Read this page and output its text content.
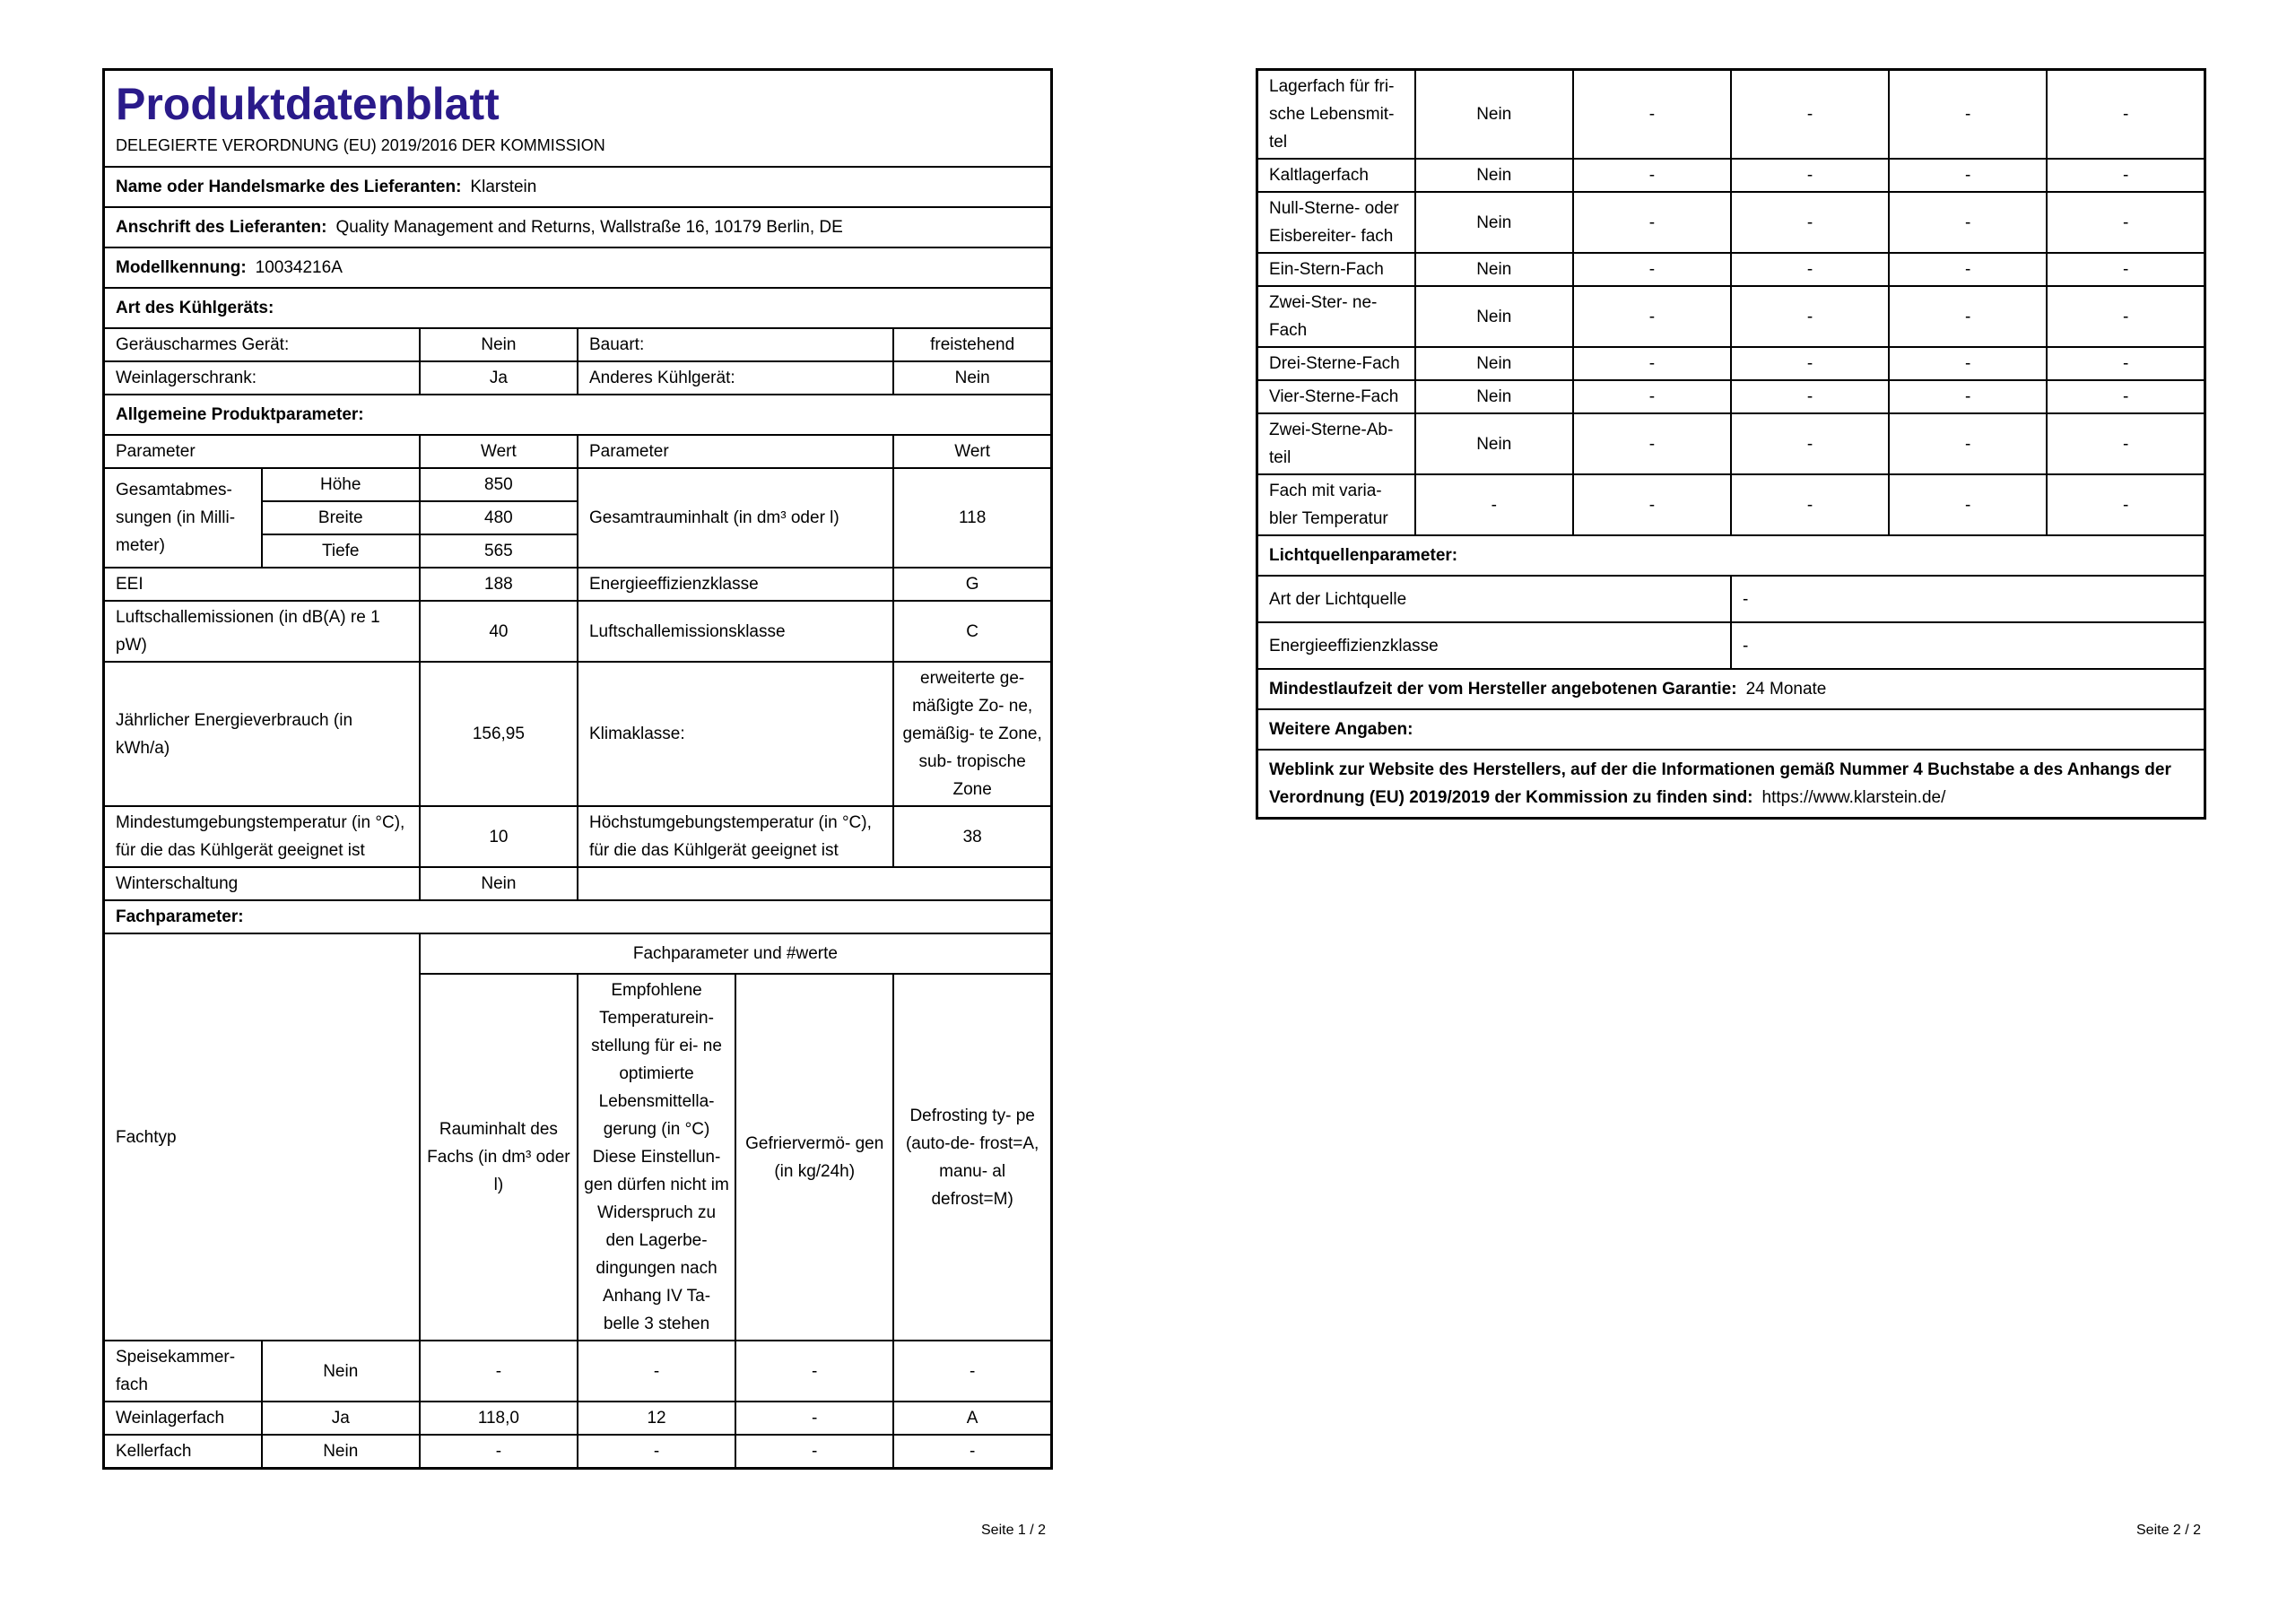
Produktdatenblatt
DELEGIERTE VERORDNUNG (EU) 2019/2016 DER KOMMISSION					

Name oder Handelsmarke des Lieferanten: Klarstein					
Anschrift des Lieferanten: Quality Management and Returns, Wallstraße 16, 10179 Berlin, DE					
Modellkennung: 10034216A					
Art des Kühlgeräts:					
Geräuscharmes Gerät:		Nein	Bauart:		freistehend
Weinlagerschrank:		Ja	Anderes Kühlgerät:		Nein
Allgemeine Produktparameter:					
Parameter		Wert	Parameter		Wert
Gesamtabmes- sungen (in Milli- meter)	Höhe	850	Gesamtrauminhalt (in dm³ oder l)		118
	Breite	480			
	Tiefe	565			
EEI		188	Energieeffizienzklasse		G
Luftschallemissionen (in dB(A) re 1 pW)		40	Luftschallemissionsklasse		C
Jährlicher Energieverbrauch (in kWh/a)		156,95	Klimaklasse:		erweiterte ge- mäßigte Zo- ne, gemäßig- te Zone, sub- tropische Zone
Mindestumgebungstemperatur (in °C), für die das Kühlgerät geeignet ist		10	Höchstumgebungstemperatur (in °C), für die das Kühlgerät geeignet ist		38
Winterschaltung		Nein			
Fachparameter:					
Fachtyp		Fachparameter und #werte			
		Rauminhalt des Fachs (in dm³ oder l)	Empfohlene Temperaturein- stellung für ei- ne optimierte Lebensmittella- gerung (in °C) Diese Einstellun- gen dürfen nicht im Widerspruch zu den Lagerbe- dingungen nach Anhang IV Ta- belle 3 stehen	Gefriervermö- gen (in kg/24h)	Defrosting ty- pe (auto-de- frost=A, manu- al defrost=M)
Speisekammer- fach	Nein	-	-	-	-
Weinlagerfach	Ja	118,0	12	-	A
Kellerfach	Nein	-	-	-	-
Seite 1 / 2
Lagerfach für fri- sche Lebensmit- tel	Nein	-	-	-	-
Kaltlagerfach	Nein	-	-	-	-
Null-Sterne- oder Eisbereiter- fach	Nein	-	-	-	-
Ein-Stern-Fach	Nein	-	-	-	-
Zwei-Ster- ne-Fach	Nein	-	-	-	-
Drei-Sterne-Fach	Nein	-	-	-	-
Vier-Sterne-Fach	Nein	-	-	-	-
Zwei-Sterne-Ab- teil	Nein	-	-	-	-
Fach mit varia- bler Temperatur	-	-	-	-	-
Lichtquellenparameter:					
Art der Lichtquelle			-		
Energieeffizienzklasse			-		
Mindestlaufzeit der vom Hersteller angebotenen Garantie: 24 Monate					
Weitere Angaben:					
Weblink zur Website des Herstellers, auf der die Informationen gemäß Nummer 4 Buchstabe a des Anhangs der Verordnung (EU) 2019/2019 der Kommission zu finden sind: https://www.klarstein.de/					
Seite 2 / 2
